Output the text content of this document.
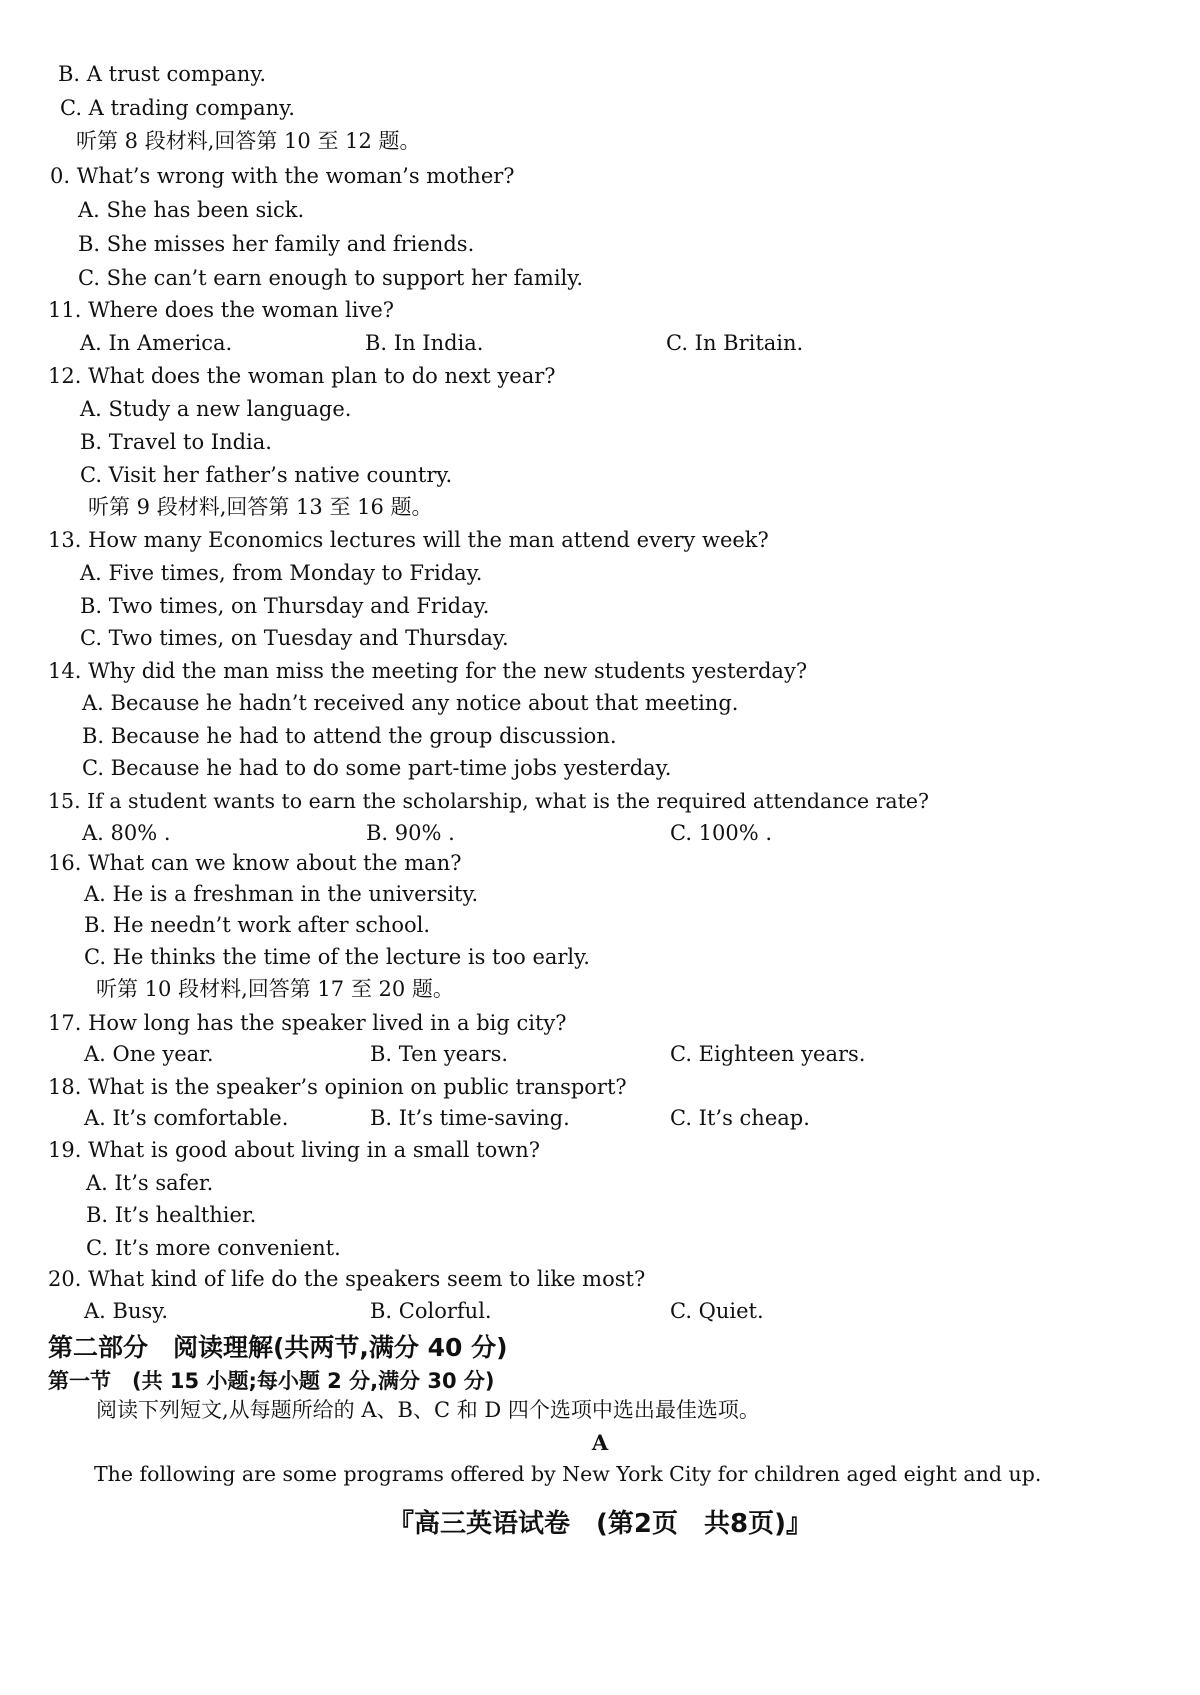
B. A trust company.
C. A trading company.
听第 8 段材料,回答第 10 至 12 题。
0. What’s wrong with the woman’s mother?
A. She has been sick.
B. She misses her family and friends.
C. She can’t earn enough to support her family.
11. Where does the woman live?
A. In America.	B. In India.	C. In Britain.
12. What does the woman plan to do next year?
A. Study a new language.
B. Travel to India.
C. Visit her father’s native country.
听第 9 段材料,回答第 13 至 16 题。
13. How many Economics lectures will the man attend every week?
A. Five times, from Monday to Friday.
B. Two times, on Thursday and Friday.
C. Two times, on Tuesday and Thursday.
14. Why did the man miss the meeting for the new students yesterday?
A. Because he hadn’t received any notice about that meeting.
B. Because he had to attend the group discussion.
C. Because he had to do some part-time jobs yesterday.
15. If a student wants to earn the scholarship, what is the required attendance rate?
A. 80% .	B. 90% .	C. 100% .
16. What can we know about the man?
A. He is a freshman in the university.
B. He needn’t work after school.
C. He thinks the time of the lecture is too early.
听第 10 段材料,回答第 17 至 20 题。
17. How long has the speaker lived in a big city?
A. One year.	B. Ten years.	C. Eighteen years.
18. What is the speaker’s opinion on public transport?
A. It’s comfortable.	B. It’s time-saving.	C. It’s cheap.
19. What is good about living in a small town?
A. It’s safer.
B. It’s healthier.
C. It’s more convenient.
20. What kind of life do the speakers seem to like most?
A. Busy.	B. Colorful.	C. Quiet.
第二部分　阅读理解(共两节,满分 40 分)
第一节　(共 15 小题;每小题 2 分,满分 30 分)
阅读下列短文,从每题所给的 A、B、C 和 D 四个选项中选出最佳选项。
A
The following are some programs offered by New York City for children aged eight and up.
『高三英语试卷　(第2页　共8页)』
